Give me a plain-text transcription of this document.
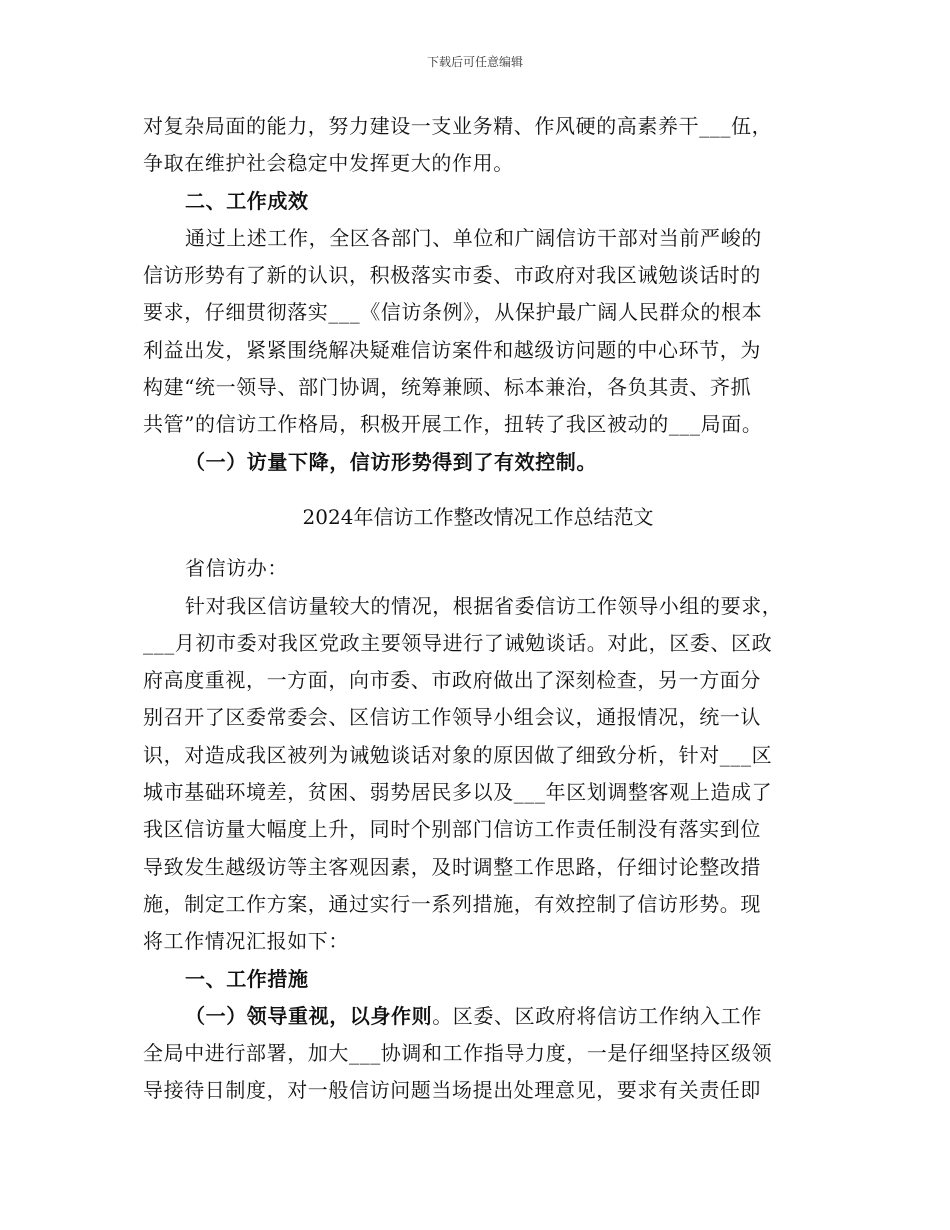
下载后可任意编辑
对复杂局面的能力，努力建设一支业务精、作风硬的高素养干___伍，
争取在维护社会稳定中发挥更大的作用。
二、工作成效
通过上述工作，全区各部门、单位和广阔信访干部对当前严峻的
信访形势有了新的认识，积极落实市委、市政府对我区诫勉谈话时的
要求，仔细贯彻落实___《信访条例》，从保护最广阔人民群众的根本
利益出发，紧紧围绕解决疑难信访案件和越级访问题的中心环节，为
构建“统一领导、部门协调，统筹兼顾、标本兼治，各负其责、齐抓
共管”的信访工作格局，积极开展工作，扭转了我区被动的___局面。
（一）访量下降，信访形势得到了有效控制。
2024年信访工作整改情况工作总结范文
省信访办：
针对我区信访量较大的情况，根据省委信访工作领导小组的要求，
___月初市委对我区党政主要领导进行了诫勉谈话。对此，区委、区政
府高度重视，一方面，向市委、市政府做出了深刻检查，另一方面分
别召开了区委常委会、区信访工作领导小组会议，通报情况，统一认
识，对造成我区被列为诫勉谈话对象的原因做了细致分析，针对___区
城市基础环境差，贫困、弱势居民多以及___年区划调整客观上造成了
我区信访量大幅度上升，同时个别部门信访工作责任制没有落实到位
导致发生越级访等主客观因素，及时调整工作思路，仔细讨论整改措
施，制定工作方案，通过实行一系列措施，有效控制了信访形势。现
将工作情况汇报如下：
一、工作措施
（一）领导重视，以身作则。区委、区政府将信访工作纳入工作
全局中进行部署，加大___协调和工作指导力度，一是仔细坚持区级领
导接待日制度，对一般信访问题当场提出处理意见，要求有关责任即
